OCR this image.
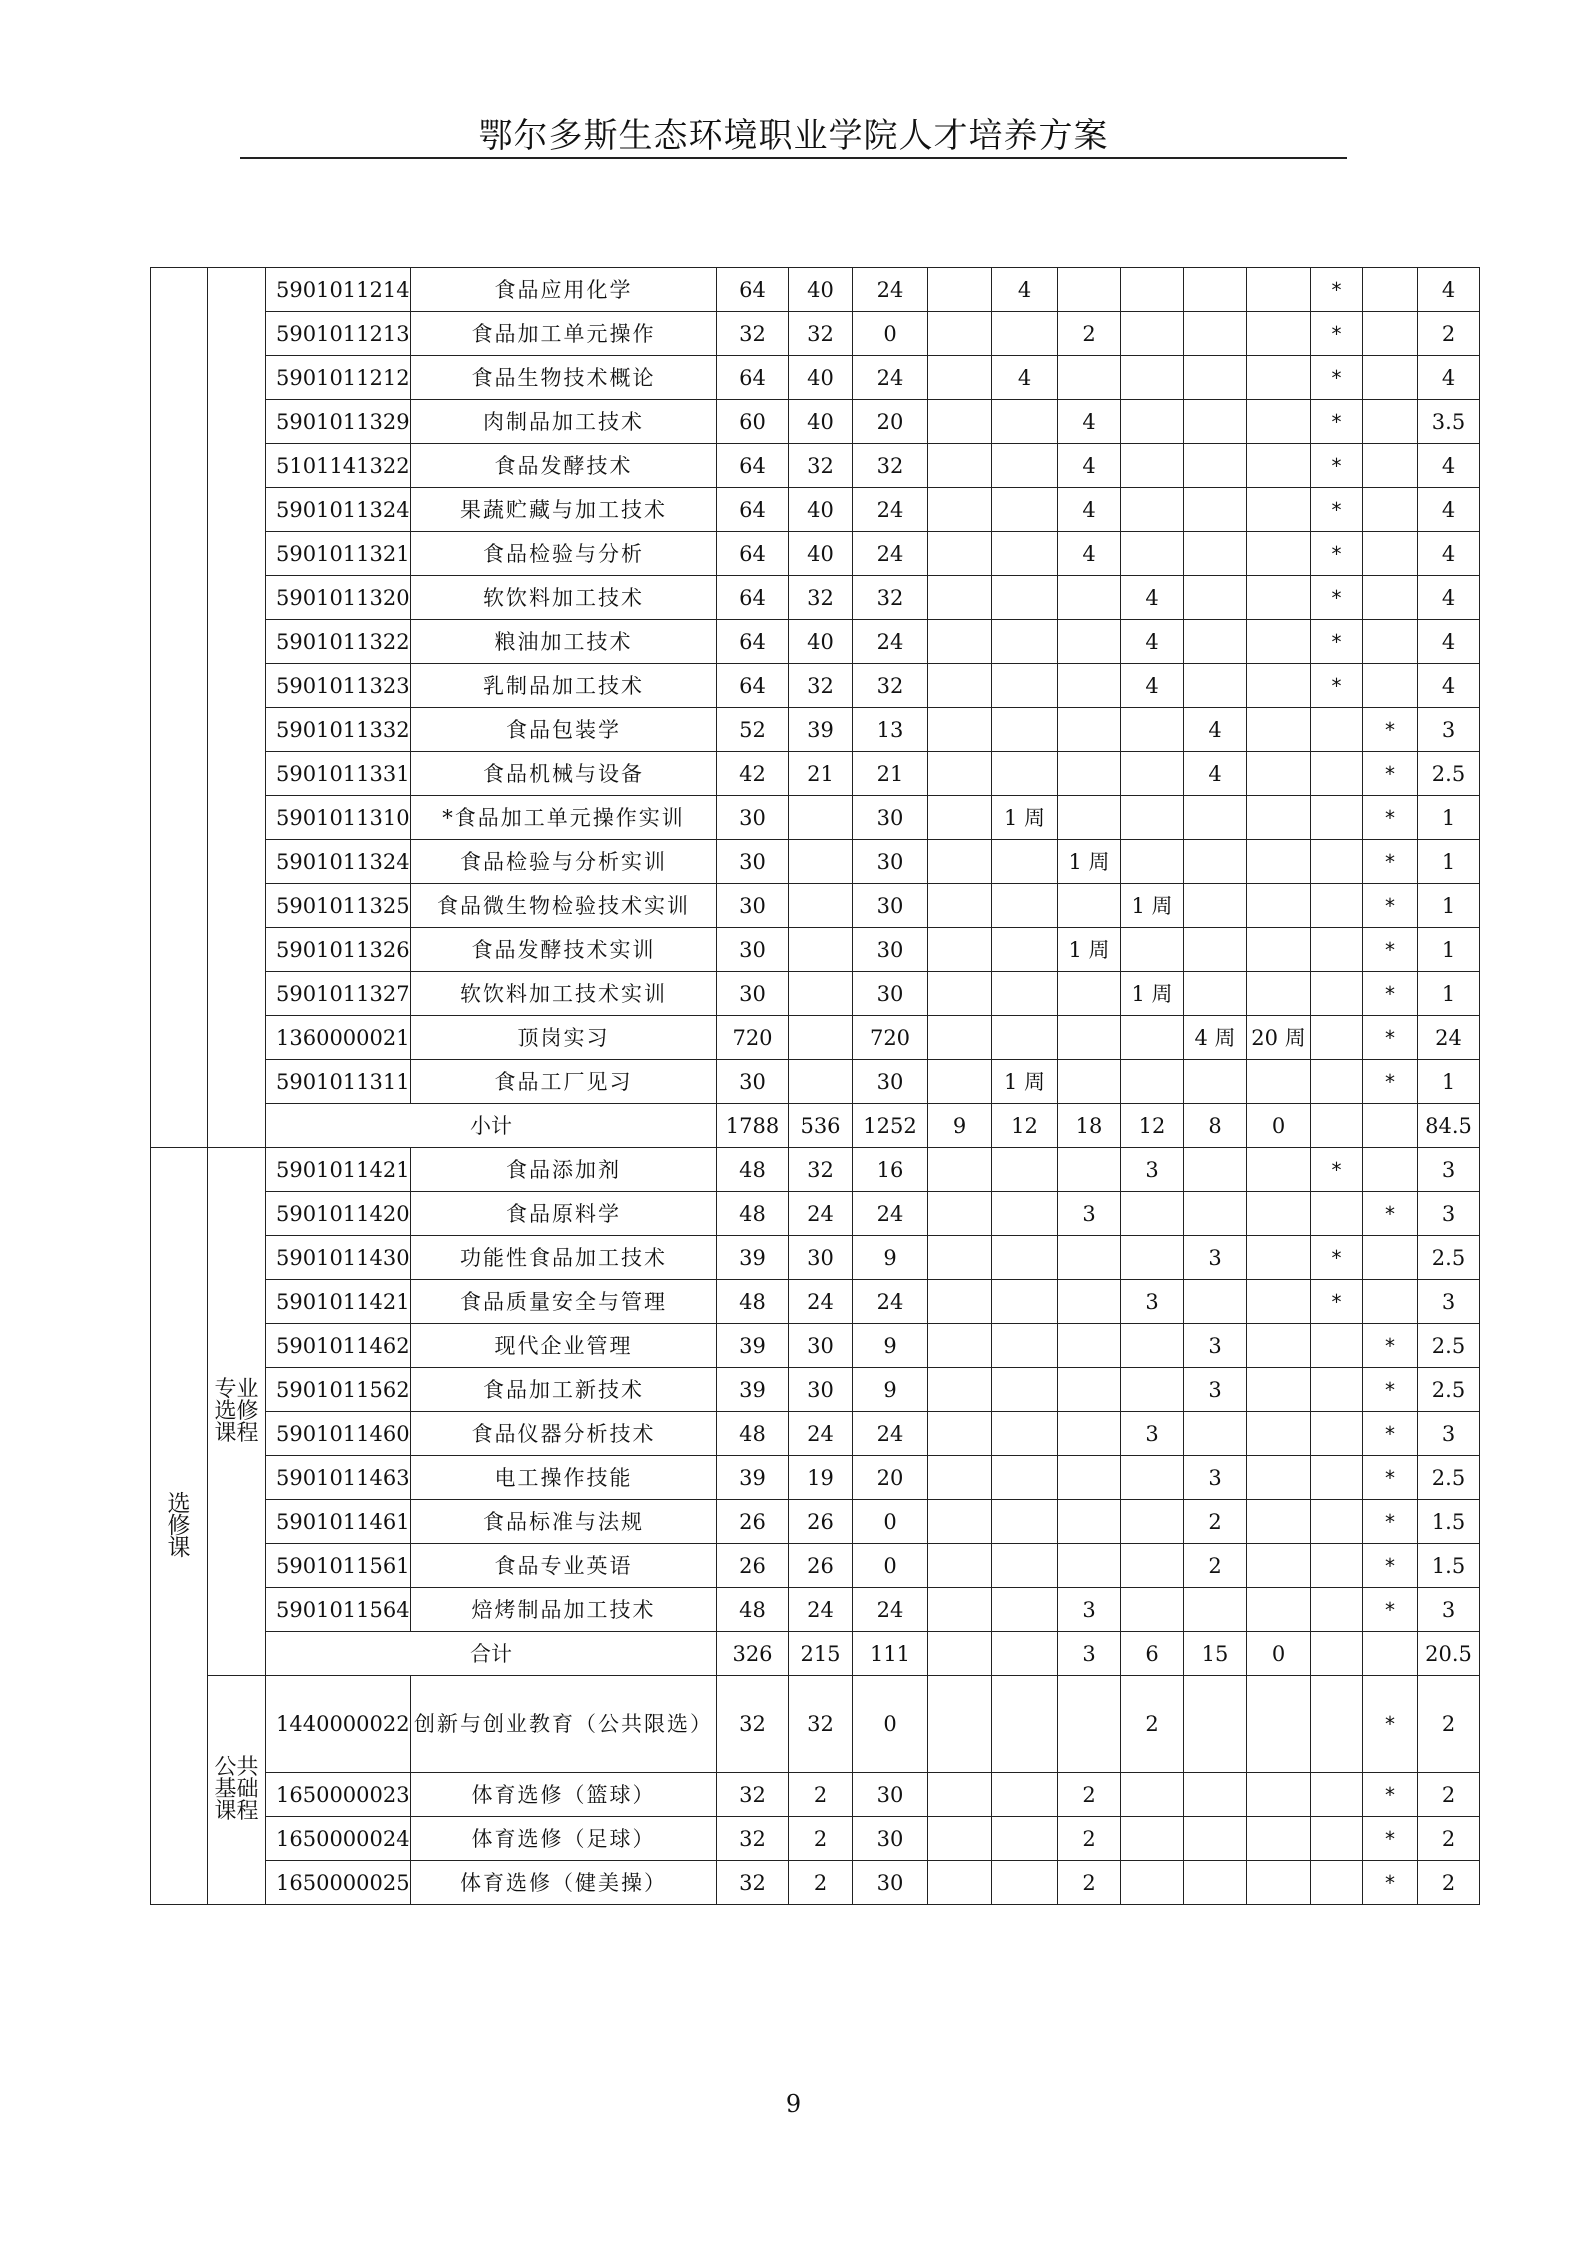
鄂尔多斯生态环境职业学院人才培养方案
		5901011214	食品应用化学	64	40	24		4					*		4
		5901011213	食品加工单元操作	32	32	0			2				*		2
		5901011212	食品生物技术概论	64	40	24		4					*		4
		5901011329	肉制品加工技术	60	40	20			4				*		3.5
		5101141322	食品发酵技术	64	32	32			4				*		4
		5901011324	果蔬贮藏与加工技术	64	40	24			4				*		4
		5901011321	食品检验与分析	64	40	24			4				*		4
		5901011320	软饮料加工技术	64	32	32				4			*		4
		5901011322	粮油加工技术	64	40	24				4			*		4
		5901011323	乳制品加工技术	64	32	32				4			*		4
		5901011332	食品包装学	52	39	13					4			*	3
		5901011331	食品机械与设备	42	21	21					4			*	2.5
		5901011310	*食品加工单元操作实训	30		30		1 周						*	1
		5901011324	食品检验与分析实训	30		30			1 周					*	1
		5901011325	食品微生物检验技术实训	30		30				1 周				*	1
		5901011326	食品发酵技术实训	30		30			1 周					*	1
		5901011327	软饮料加工技术实训	30		30				1 周				*	1
		1360000021	顶岗实习	720		720					4 周	20 周		*	24
		5901011311	食品工厂见习	30		30		1 周						*	1
		小计		1788	536	1252	9	12	18	12	8	0			84.5
选修课	专业选修课程	5901011421	食品添加剂	48	32	16				3			*		3
		5901011420	食品原料学	48	24	24			3					*	3
		5901011430	功能性食品加工技术	39	30	9					3		*		2.5
		5901011421	食品质量安全与管理	48	24	24				3			*		3
		5901011462	现代企业管理	39	30	9					3			*	2.5
		5901011562	食品加工新技术	39	30	9					3			*	2.5
		5901011460	食品仪器分析技术	48	24	24				3				*	3
		5901011463	电工操作技能	39	19	20					3			*	2.5
		5901011461	食品标准与法规	26	26	0					2			*	1.5
		5901011561	食品专业英语	26	26	0					2			*	1.5
		5901011564	焙烤制品加工技术	48	24	24			3					*	3
		合计		326	215	111			3	6	15	0			20.5
	公共基础课程	1440000022	创新与创业教育（公共限选）	32	32	0				2				*	2
		1650000023	体育选修（篮球）	32	2	30			2					*	2
		1650000024	体育选修（足球）	32	2	30			2					*	2
		1650000025	体育选修（健美操）	32	2	30			2					*	2
9
